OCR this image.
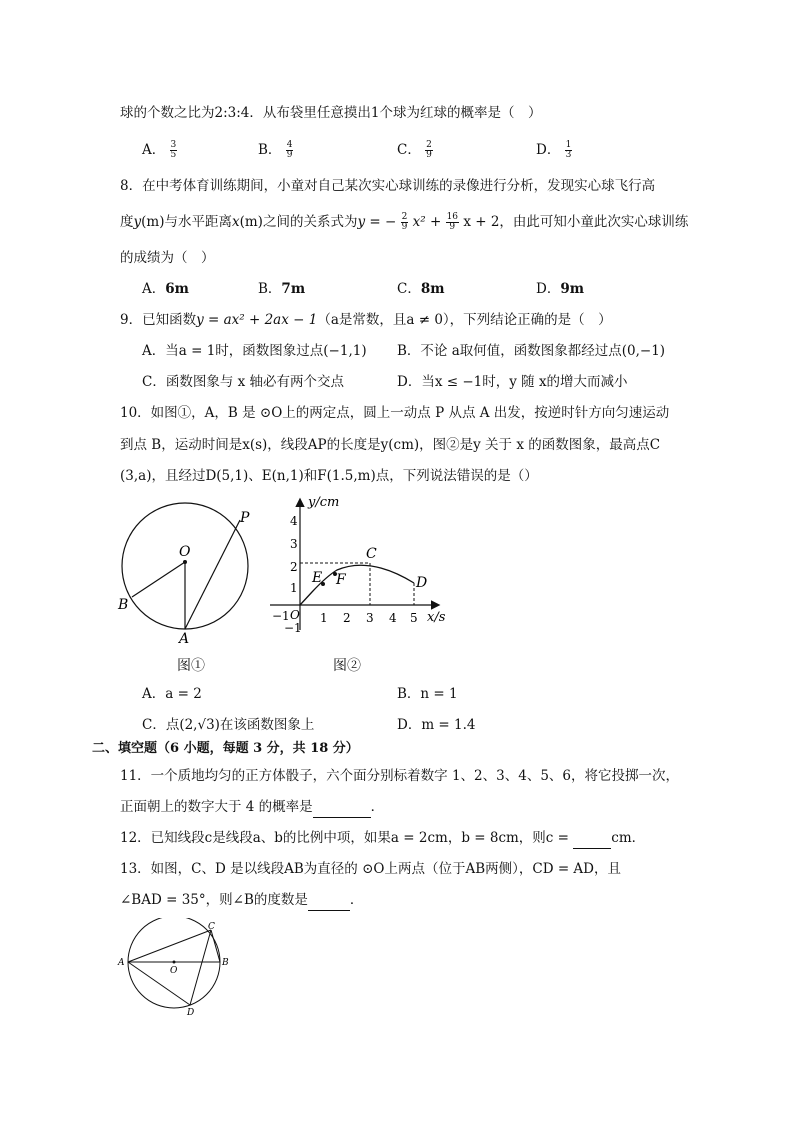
球的个数之比为2:3:4．从布袋里任意摸出1个球为红球的概率是（　）
A． $\frac{3}{5}$	B． $\frac{4}{9}$	C． $\frac{2}{9}$	D． $\frac{1}{3}$
8．在中考体育训练期间，小童对自己某次实心球训练的录像进行分析，发现实心球飞行高
度y(m)与水平距离x(m)之间的关系式为y = − $\frac{2}{9} x^2 + \frac{16}{9}$ x + 2，由此可知小童此次实心球训练
的成绩为（　）
A．6m	B．7m	C．8m	D．9m
9．已知函数y = ax² + 2ax − 1（a是常数，且a ≠ 0），下列结论正确的是（　）
A．当a = 1时，函数图象过点(−1,1) B．不论 a取何值，函数图象都经过点(0,−1)
C．函数图象与 x 轴必有两个交点	D．当x ≤ −1时，y 随 x的增大而减小
10．如图①，A，B 是 ⊙O上的两定点，圆上一动点 P 从点 A 出发，按逆时针方向匀速运动
到点 B，运动时间是x(s)，线段AP的长度是y(cm)，图②是y 关于 x 的函数图象，最高点C
(3,a)，且经过D(5,1)、E(n,1)和F(1.5,m)点，下列说法错误的是（）
O
P
B
A
y/cm
x/s
O
4
3
2
1
−1
−1	1 2 3 4 5
E F
C
D
图①	图②
A．a = 2	B．n = 1
C．点(2,√3)在该函数图象上	D．m = 1.4
二、填空题（6 小题，每题 3 分，共 18 分）
11．一个质地均匀的正方体骰子，六个面分别标着数字 1、2、3、4、5、6，将它投掷一次，
正面朝上的数字大于 4 的概率是	．
12．已知线段c是线段a、b的比例中项，如果a = 2cm，b = 8cm，则c =	cm．
13．如图，C、D 是以线段AB为直径的 ⊙O上两点（位于AB两侧），CD = AD，且
∠BAD = 35°，则∠B的度数是	．
A	B
C
D
O
